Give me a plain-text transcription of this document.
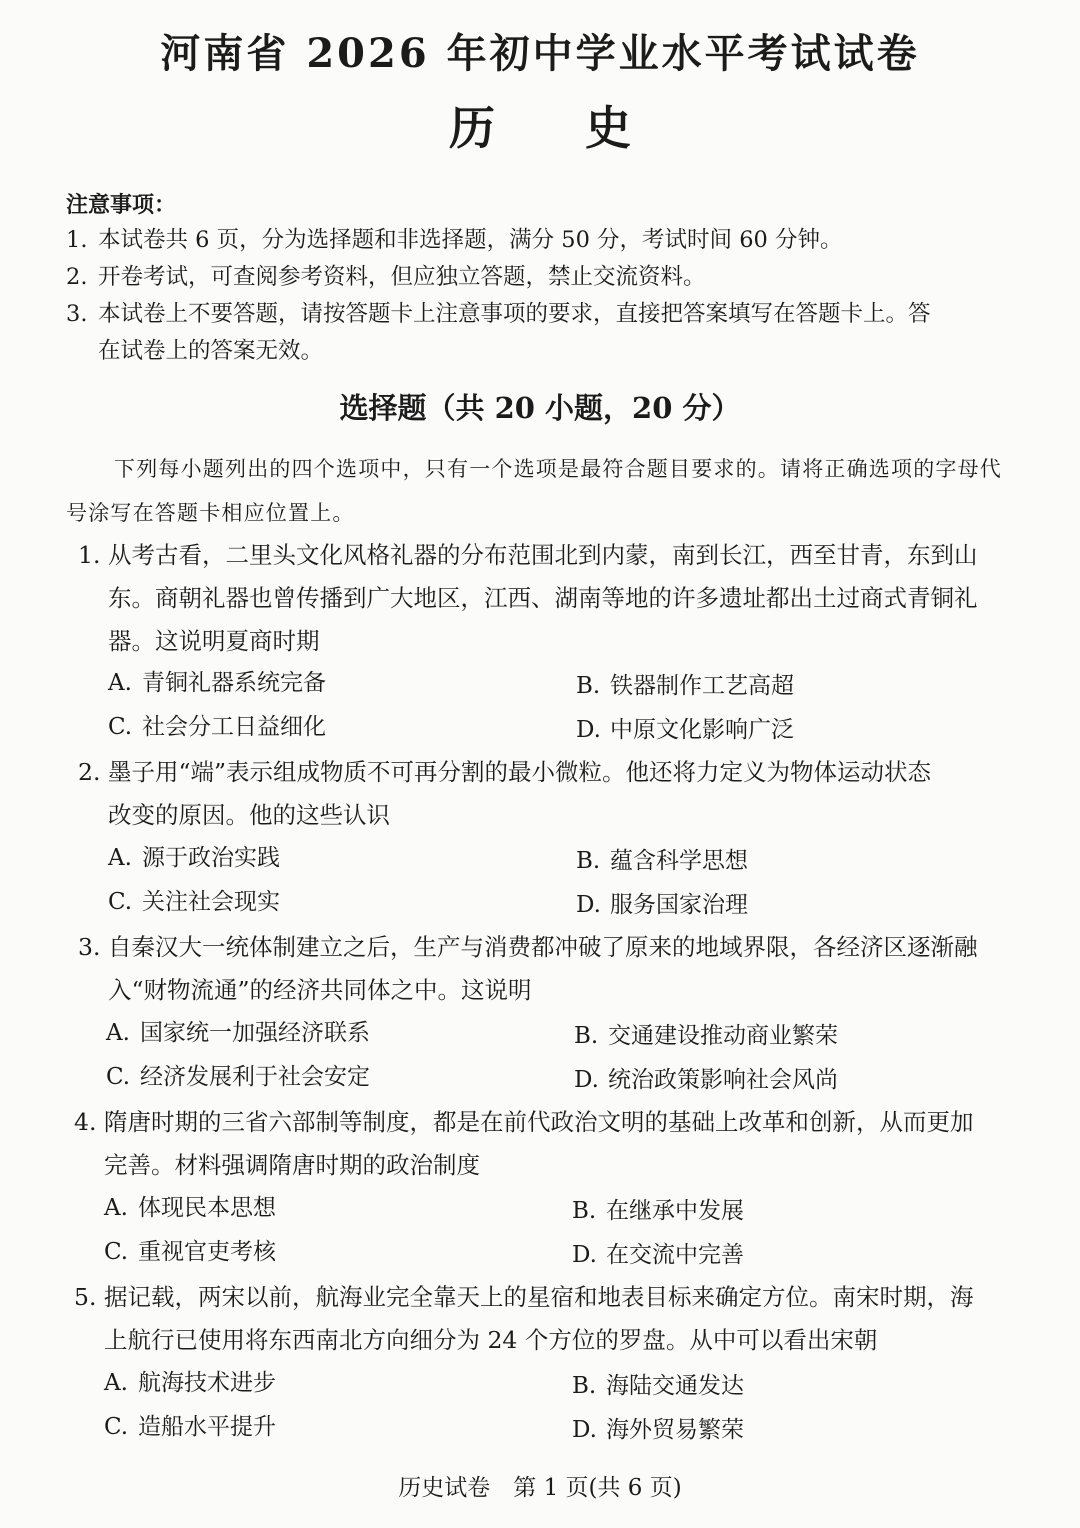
河南省 2026 年初中学业水平考试试卷
历史
注意事项：
1. 本试卷共 6 页，分为选择题和非选择题，满分 50 分，考试时间 60 分钟。
2. 开卷考试，可查阅参考资料，但应独立答题，禁止交流资料。
3. 本试卷上不要答题，请按答题卡上注意事项的要求，直接把答案填写在答题卡上。答
在试卷上的答案无效。
选择题（共 20 小题，20 分）
下列每小题列出的四个选项中，只有一个选项是最符合题目要求的。请将正确选项的字母代号涂写在答题卡相应位置上。
1. 从考古看，二里头文化风格礼器的分布范围北到内蒙，南到长江，西至甘青，东到山
东。商朝礼器也曾传播到广大地区，江西、湖南等地的许多遗址都出土过商式青铜礼
器。这说明夏商时期
A. 青铜礼器系统完备	B. 铁器制作工艺高超
C. 社会分工日益细化	D. 中原文化影响广泛
2. 墨子用“端”表示组成物质不可再分割的最小微粒。他还将力定义为物体运动状态
改变的原因。他的这些认识
A. 源于政治实践	B. 蕴含科学思想
C. 关注社会现实	D. 服务国家治理
3. 自秦汉大一统体制建立之后，生产与消费都冲破了原来的地域界限，各经济区逐渐融
入“财物流通”的经济共同体之中。这说明
A. 国家统一加强经济联系	B. 交通建设推动商业繁荣
C. 经济发展利于社会安定	D. 统治政策影响社会风尚
4. 隋唐时期的三省六部制等制度，都是在前代政治文明的基础上改革和创新，从而更加
完善。材料强调隋唐时期的政治制度
A. 体现民本思想	B. 在继承中发展
C. 重视官吏考核	D. 在交流中完善
5. 据记载，两宋以前，航海业完全靠天上的星宿和地表目标来确定方位。南宋时期，海
上航行已使用将东西南北方向细分为 24 个方位的罗盘。从中可以看出宋朝
A. 航海技术进步	B. 海陆交通发达
C. 造船水平提升	D. 海外贸易繁荣
历史试卷　第 1 页(共 6 页)
